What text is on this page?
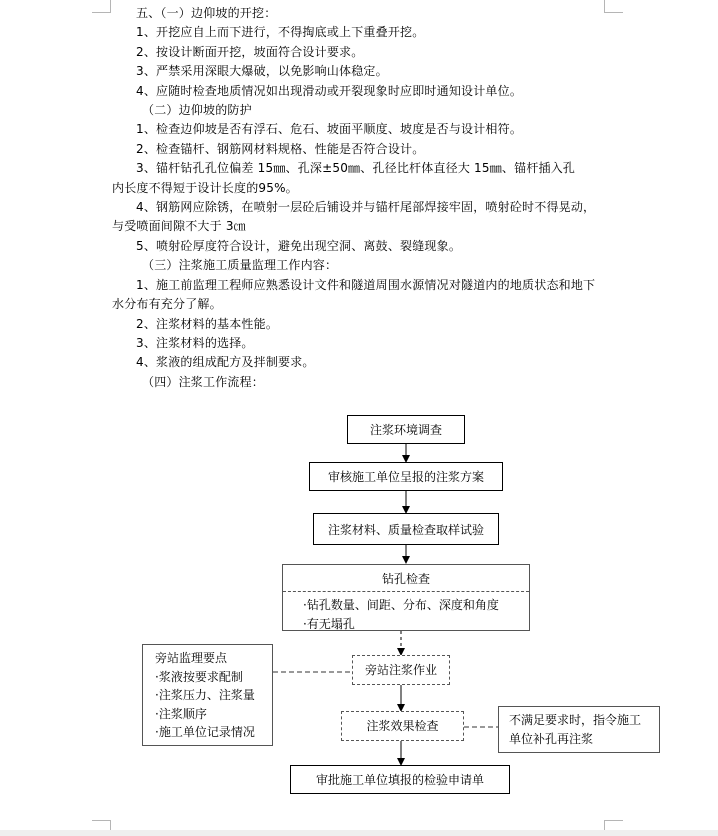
五、（一）边仰坡的开挖：
1、开挖应自上而下进行，不得掏底或上下重叠开挖。
2、按设计断面开挖，坡面符合设计要求。
3、严禁采用深眼大爆破，以免影响山体稳定。
4、应随时检查地质情况如出现滑动或开裂现象时应即时通知设计单位。
（二）边仰坡的防护
1、检查边仰坡是否有浮石、危石、坡面平顺度、坡度是否与设计相符。
2、检查锚杆、钢筋网材料规格、性能是否符合设计。
3、锚杆钻孔孔位偏差 15㎜、孔深±50㎜、孔径比杆体直径大 15㎜、锚杆插入孔
内长度不得短于设计长度的95%。
4、钢筋网应除锈，在喷射一层砼后铺设并与锚杆尾部焊接牢固，喷射砼时不得晃动，
与受喷面间隙不大于 3㎝
5、喷射砼厚度符合设计，避免出现空洞、离鼓、裂缝现象。
（三）注浆施工质量监理工作内容：
1、施工前监理工程师应熟悉设计文件和隧道周围水源情况对隧道内的地质状态和地下
水分布有充分了解。
2、注浆材料的基本性能。
3、注浆材料的选择。
4、浆液的组成配方及拌制要求。
（四）注浆工作流程：
注浆环境调查
审核施工单位呈报的注浆方案
注浆材料、质量检查取样试验
钻孔检查
·钻孔数量、间距、分布、深度和角度
·有无塌孔
旁站注浆作业
注浆效果检查
审批施工单位填报的检验申请单
旁站监理要点
·浆液按要求配制
·注浆压力、注浆量
·注浆顺序
·施工单位记录情况
不满足要求时，指令施工
单位补孔再注浆
